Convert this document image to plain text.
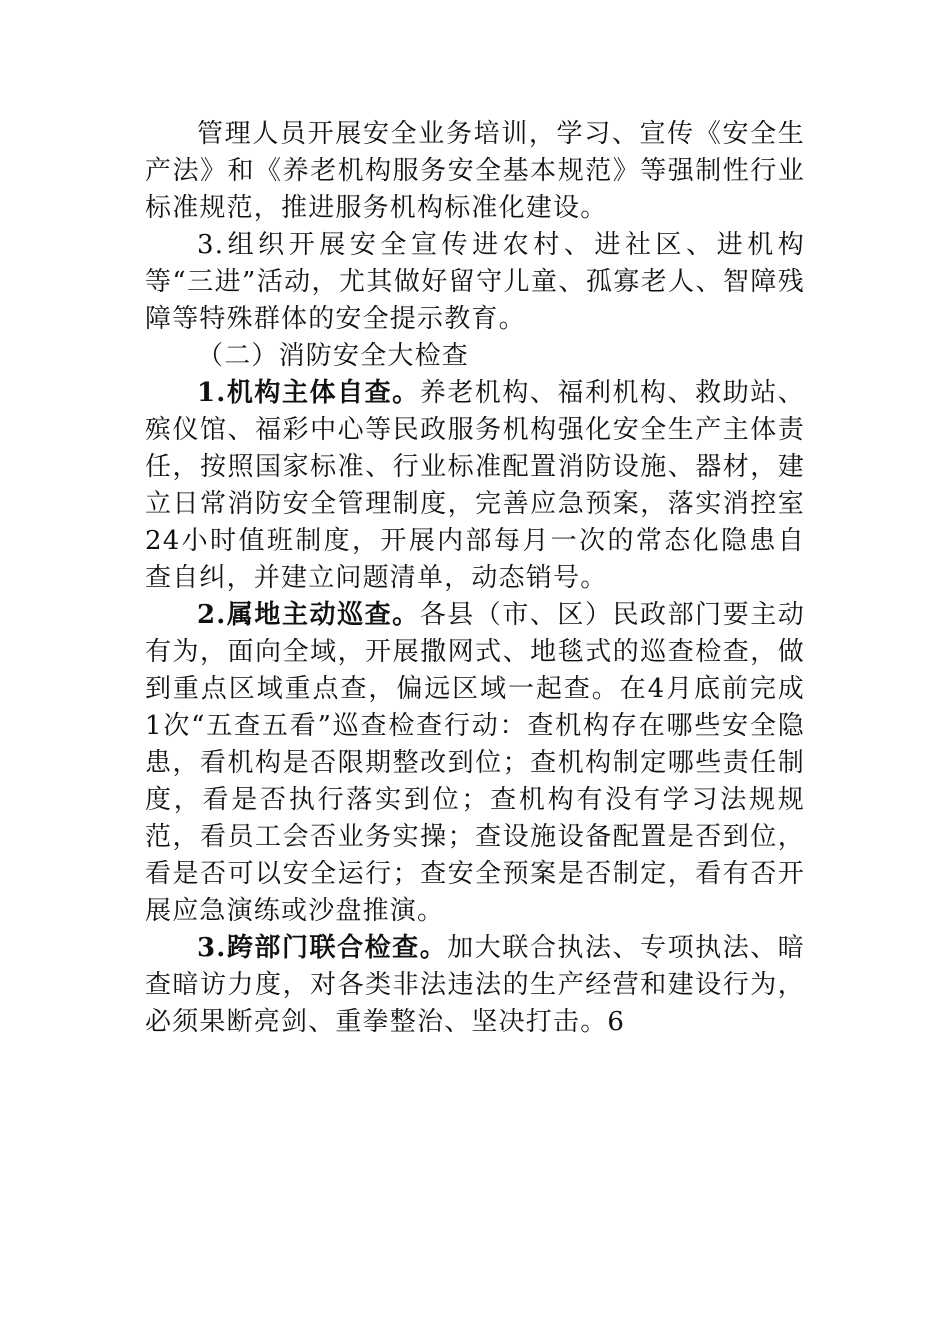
管理人员开展安全业务培训，学习、宣传《安全生产法》和《养老机构服务安全基本规范》等强制性行业标准规范，推进服务机构标准化建设。

3.组织开展安全宣传进农村、进社区、进机构等“三进”活动，尤其做好留守儿童、孤寡老人、智障残障等特殊群体的安全提示教育。

（二）消防安全大检查

1.机构主体自查。养老机构、福利机构、救助站、殡仪馆、福彩中心等民政服务机构强化安全生产主体责任，按照国家标准、行业标准配置消防设施、器材，建立日常消防安全管理制度，完善应急预案，落实消控室24小时值班制度，开展内部每月一次的常态化隐患自查自纠，并建立问题清单，动态销号。

2.属地主动巡查。各县（市、区）民政部门要主动有为，面向全域，开展撒网式、地毯式的巡查检查，做到重点区域重点查，偏远区域一起查。在4月底前完成1次“五查五看”巡查检查行动：查机构存在哪些安全隐患，看机构是否限期整改到位；查机构制定哪些责任制度，看是否执行落实到位；查机构有没有学习法规规范，看员工会否业务实操；查设施设备配置是否到位，看是否可以安全运行；查安全预案是否制定，看有否开展应急演练或沙盘推演。

3.跨部门联合检查。加大联合执法、专项执法、暗查暗访力度，对各类非法违法的生产经营和建设行为，必须果断亮剑、重拳整治、坚决打击。6
